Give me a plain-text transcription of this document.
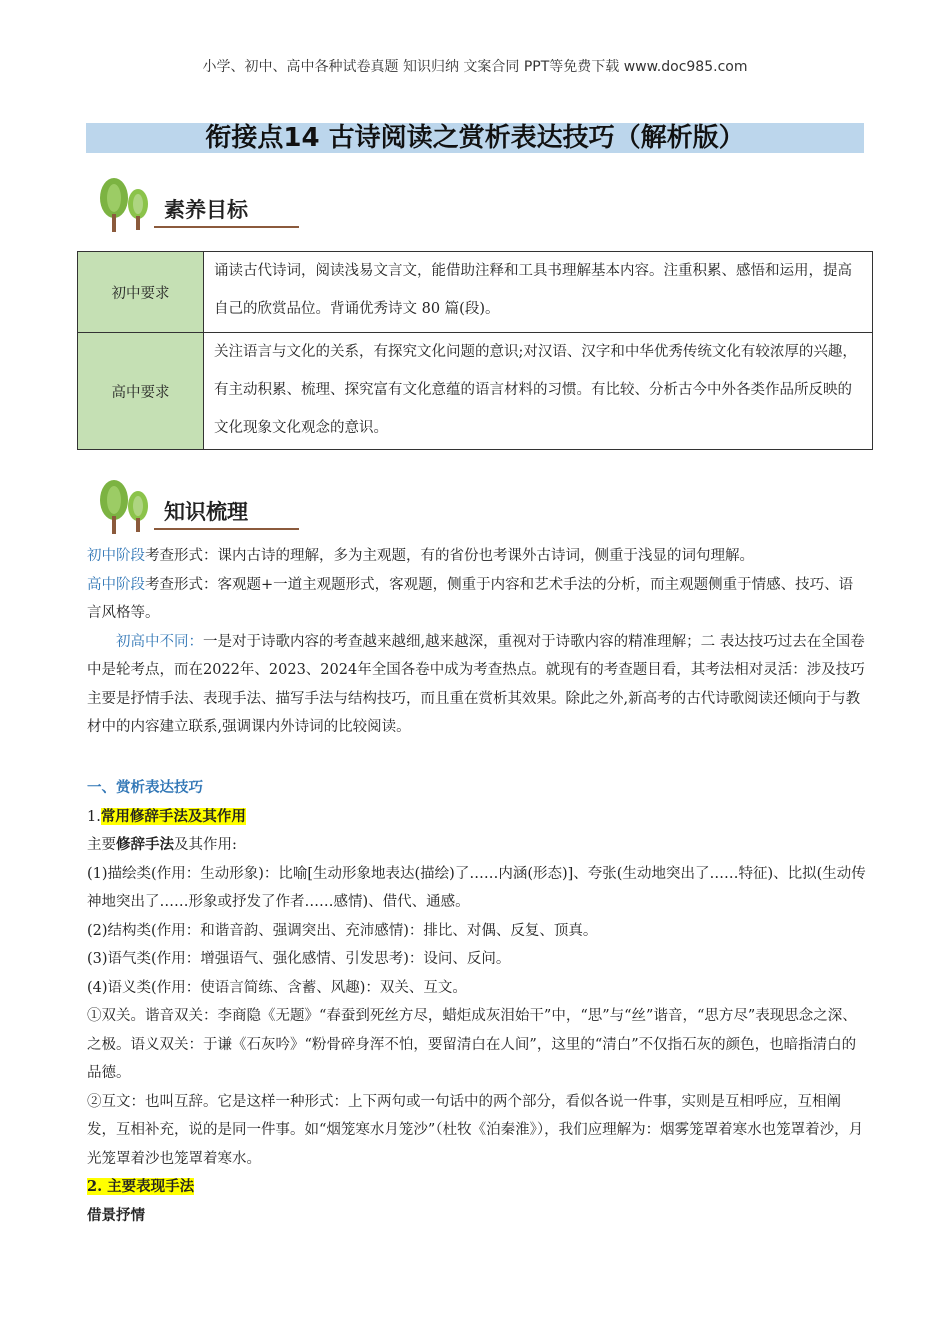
小学、初中、高中各种试卷真题 知识归纳 文案合同 PPT等免费下载 www.doc985.com
衔接点14 古诗阅读之赏析表达技巧（解析版）
素养目标
初中要求	诵读古代诗词，阅读浅易文言文，能借助注释和工具书理解基本内容。注重积累、感悟和运用，提高自己的欣赏品位。背诵优秀诗文 80 篇(段)。
高中要求	关注语言与文化的关系，有探究文化问题的意识;对汉语、汉字和中华优秀传统文化有较浓厚的兴趣，有主动积累、梳理、探究富有文化意蕴的语言材料的习惯。有比较、分析古今中外各类作品所反映的文化现象文化观念的意识。
知识梳理

初中阶段考查形式：课内古诗的理解，多为主观题，有的省份也考课外古诗词，侧重于浅显的词句理解。

高中阶段考查形式：客观题+一道主观题形式，客观题，侧重于内容和艺术手法的分析，而主观题侧重于情感、技巧、语言风格等。

初高中不同：一是对于诗歌内容的考查越来越细,越来越深，重视对于诗歌内容的精准理解；二 表达技巧过去在全国卷中是轮考点，而在2022年、2023、2024年全国各卷中成为考查热点。就现有的考查题目看，其考法相对灵活：涉及技巧主要是抒情手法、表现手法、描写手法与结构技巧，而且重在赏析其效果。除此之外,新高考的古代诗歌阅读还倾向于与教材中的内容建立联系,强调课内外诗词的比较阅读。

一、赏析表达技巧

1.常用修辞手法及其作用

主要修辞手法及其作用:

(1)描绘类(作用：生动形象)：比喻[生动形象地表达(描绘)了……内涵(形态)]、夸张(生动地突出了……特征)、比拟(生动传神地突出了……形象或抒发了作者……感情)、借代、通感。

(2)结构类(作用：和谐音韵、强调突出、充沛感情)：排比、对偶、反复、顶真。

(3)语气类(作用：增强语气、强化感情、引发思考)：设问、反问。

(4)语义类(作用：使语言简练、含蓄、风趣)：双关、互文。

①双关。谐音双关：李商隐《无题》“春蚕到死丝方尽，蜡炬成灰泪始干”中，“思”与“丝”谐音，“思方尽”表现思念之深、之极。语义双关：于谦《石灰吟》“粉骨碎身浑不怕，要留清白在人间”，这里的“清白”不仅指石灰的颜色，也暗指清白的品德。

②互文：也叫互辞。它是这样一种形式：上下两句或一句话中的两个部分，看似各说一件事，实则是互相呼应，互相阐发，互相补充，说的是同一件事。如“烟笼寒水月笼沙”（杜牧《泊秦淮》），我们应理解为：烟雾笼罩着寒水也笼罩着沙，月光笼罩着沙也笼罩着寒水。

2. 主要表现手法

借景抒情
